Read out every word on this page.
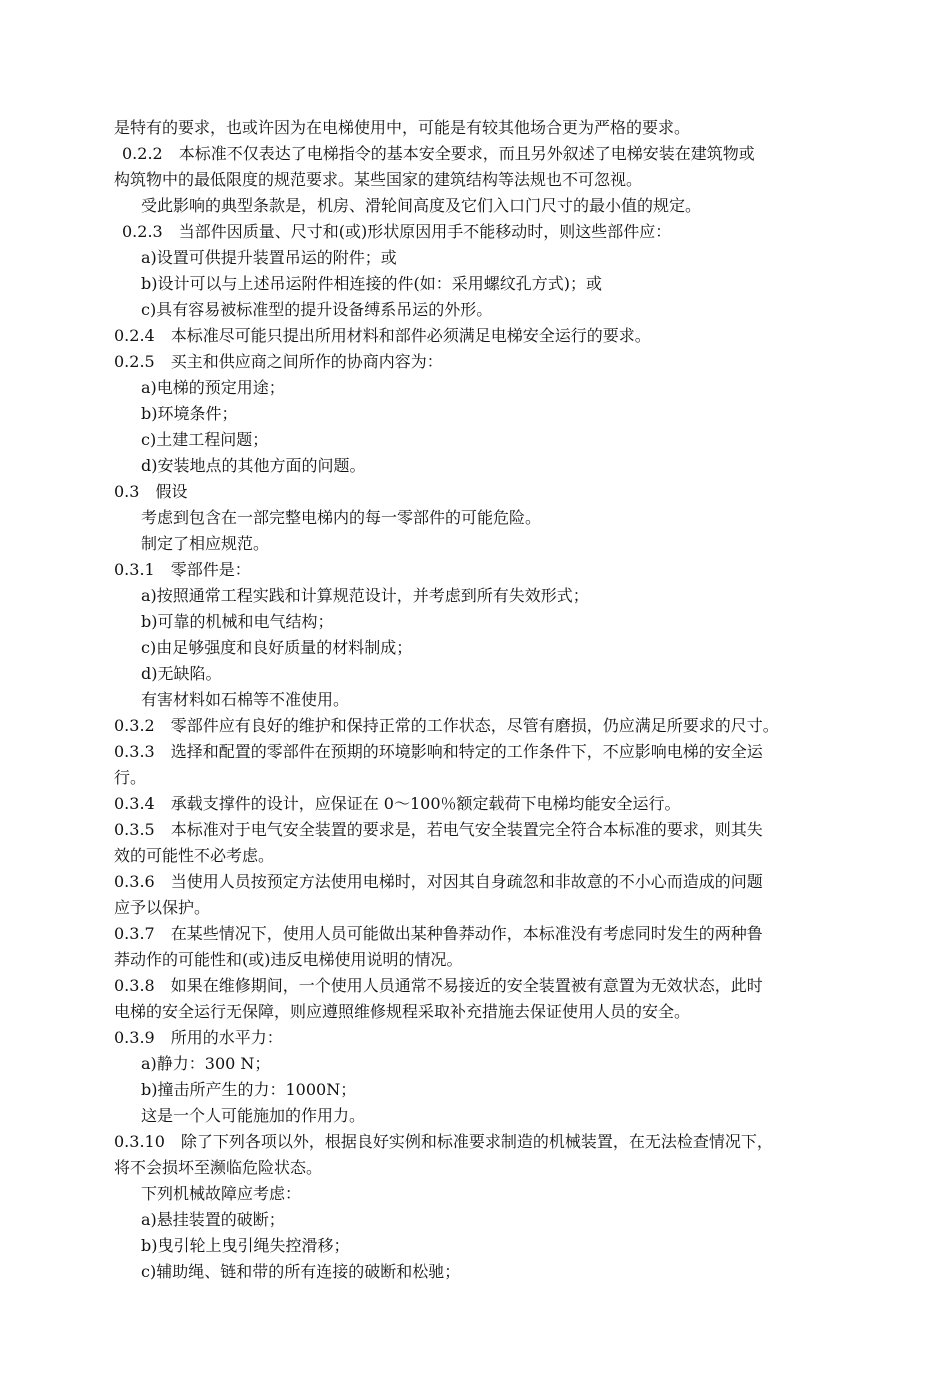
是特有的要求，也或许因为在电梯使用中，可能是有较其他场合更为严格的要求。
0.2.2　本标准不仅表达了电梯指令的基本安全要求，而且另外叙述了电梯安装在建筑物或
构筑物中的最低限度的规范要求。某些国家的建筑结构等法规也不可忽视。
受此影响的典型条款是，机房、滑轮间高度及它们入口门尺寸的最小值的规定。
0.2.3　当部件因质量、尺寸和(或)形状原因用手不能移动时，则这些部件应：
a)设置可供提升装置吊运的附件；或
b)设计可以与上述吊运附件相连接的件(如：采用螺纹孔方式)；或
c)具有容易被标准型的提升设备缚系吊运的外形。
0.2.4　本标准尽可能只提出所用材料和部件必须满足电梯安全运行的要求。
0.2.5　买主和供应商之间所作的协商内容为：
a)电梯的预定用途；
b)环境条件；
c)土建工程问题；
d)安装地点的其他方面的问题。
0.3　假设
考虑到包含在一部完整电梯内的每一零部件的可能危险。
制定了相应规范。
0.3.1　零部件是：
a)按照通常工程实践和计算规范设计，并考虑到所有失效形式；
b)可靠的机械和电气结构；
c)由足够强度和良好质量的材料制成；
d)无缺陷。
有害材料如石棉等不准使用。
0.3.2　零部件应有良好的维护和保持正常的工作状态，尽管有磨损，仍应满足所要求的尺寸。
0.3.3　选择和配置的零部件在预期的环境影响和特定的工作条件下，不应影响电梯的安全运
行。
0.3.4　承载支撑件的设计，应保证在 0～100％额定载荷下电梯均能安全运行。
0.3.5　本标准对于电气安全装置的要求是，若电气安全装置完全符合本标准的要求，则其失
效的可能性不必考虑。
0.3.6　当使用人员按预定方法使用电梯时，对因其自身疏忽和非故意的不小心而造成的问题
应予以保护。
0.3.7　在某些情况下，使用人员可能做出某种鲁莽动作，本标准没有考虑同时发生的两种鲁
莽动作的可能性和(或)违反电梯使用说明的情况。
0.3.8　如果在维修期间，一个使用人员通常不易接近的安全装置被有意置为无效状态，此时
电梯的安全运行无保障，则应遵照维修规程采取补充措施去保证使用人员的安全。
0.3.9　所用的水平力：
a)静力：300 N；
b)撞击所产生的力：1000N；
这是一个人可能施加的作用力。
0.3.10　除了下列各项以外，根据良好实例和标准要求制造的机械装置，在无法检查情况下，
将不会损坏至濒临危险状态。
下列机械故障应考虑：
a)悬挂装置的破断；
b)曳引轮上曳引绳失控滑移；
c)辅助绳、链和带的所有连接的破断和松驰；
